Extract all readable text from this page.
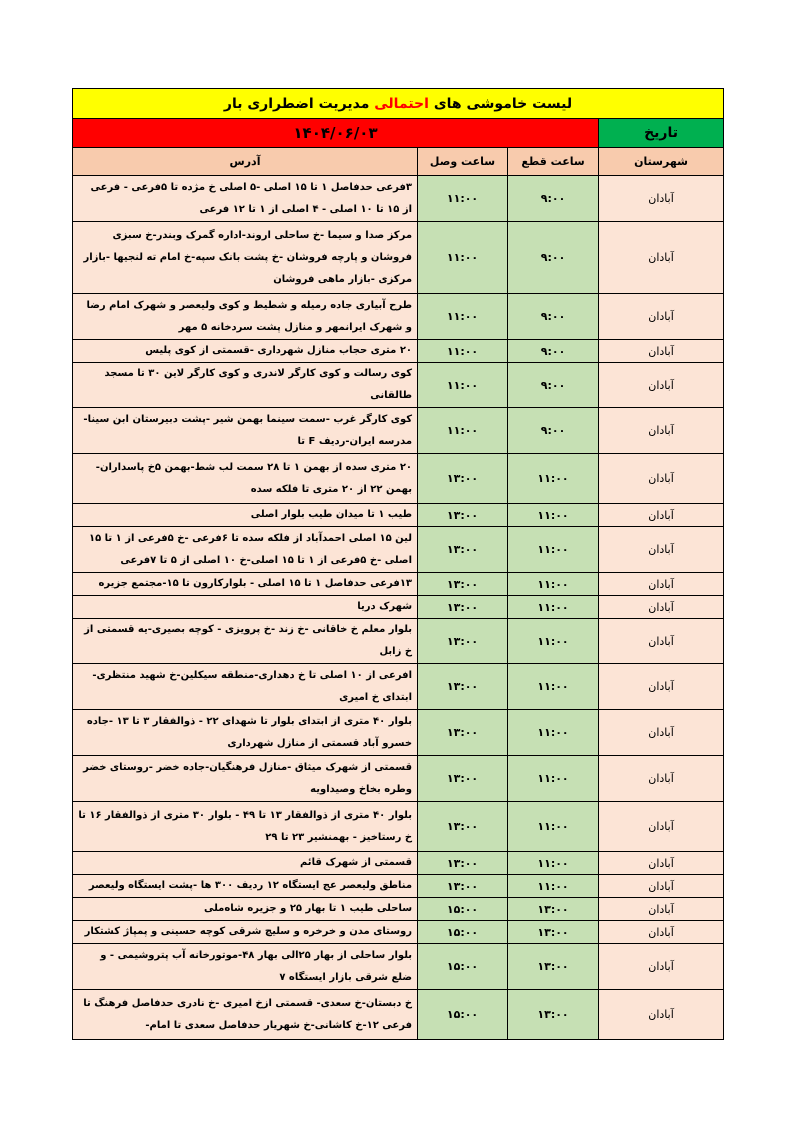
لیست خاموشی های احتمالی مدیریت اضطراری بار			
تاریخ	۱۴۰۴/۰۶/۰۳		
شهرستان	ساعت قطع	ساعت وصل	آدرس
آبادان	۹:۰۰	۱۱:۰۰	۳فرعی حدفاصل ۱ تا ۱۵ اصلی -۵ اصلی خ مژده تا ۵فرعی - فرعی از ۱۵ تا ۱۰ اصلی - ۴ اصلی از ۱ تا ۱۲ فرعی
آبادان	۹:۰۰	۱۱:۰۰	مرکز صدا و سیما -خ ساحلی اروند-اداره گمرک وبندر-خ سبزی فروشان و پارچه فروشان -خ پشت بانک سپه-خ امام ته لنجیها -بازار مرکزی -بازار ماهی فروشان
آبادان	۹:۰۰	۱۱:۰۰	طرح آبیاری جاده رمیله و شطیط و کوی ولیعصر و شهرک امام رضا و شهرک ایرانمهر و منازل پشت سردخانه ۵ مهر
آبادان	۹:۰۰	۱۱:۰۰	۲۰ متری حجاب منازل شهرداری -قسمتی از کوی پلیس
آبادان	۹:۰۰	۱۱:۰۰	کوی رسالت و کوی کارگر لاندری و کوی کارگر لاین ۳۰ تا مسجد طالقانی
آبادان	۹:۰۰	۱۱:۰۰	کوی کارگر غرب -سمت سینما بهمن شیر -پشت دبیرستان ابن سینا-مدرسه ایران-ردیف F تا
آبادان	۱۱:۰۰	۱۳:۰۰	۲۰ متری سده از بهمن ۱ تا ۲۸ سمت لب شط-بهمن ۵خ پاسداران-بهمن ۲۲ از ۲۰ متری تا فلکه سده
آبادان	۱۱:۰۰	۱۳:۰۰	طیب ۱ تا میدان طیب بلوار اصلی
آبادان	۱۱:۰۰	۱۳:۰۰	لین ۱۵ اصلی احمدآباد از فلکه سده تا ۶فرعی -خ ۵فرعی از ۱ تا ۱۵ اصلی -خ ۵فرعی از ۱ تا ۱۵ اصلی-خ ۱۰ اصلی از ۵ تا ۷فرعی
آبادان	۱۱:۰۰	۱۳:۰۰	۱۳فرعی حدفاصل ۱ تا ۱۵ اصلی - بلوارکارون تا ۱۵-مجتمع جزیره
آبادان	۱۱:۰۰	۱۳:۰۰	شهرک دریا
آبادان	۱۱:۰۰	۱۳:۰۰	بلوار معلم خ خاقانی -خ زند -خ پرویزی - کوچه بصیری-یه قسمتی از خ زابل
آبادان	۱۱:۰۰	۱۳:۰۰	افرعی از ۱۰ اصلی تا خ دهداری-منطقه سیکلین-خ شهید منتظری-ابتدای خ امیری
آبادان	۱۱:۰۰	۱۳:۰۰	بلوار ۴۰ متری از ابتدای بلوار تا شهدای ۲۲ - ذوالفقار ۳ تا ۱۳ -جاده خسرو آباد قسمتی از منازل شهرداری
آبادان	۱۱:۰۰	۱۳:۰۰	قسمتی از شهرک میثاق -منازل فرهنگیان-جاده خضر -روستای خضر وطره بخاخ وصیداویه
آبادان	۱۱:۰۰	۱۳:۰۰	بلوار ۴۰ متری از ذوالفقار ۱۳ تا ۴۹ - بلوار ۳۰ متری از ذوالفقار ۱۶ تا خ رستاخیز - بهمنشیر ۲۳ تا ۲۹
آبادان	۱۱:۰۰	۱۳:۰۰	قسمتی از شهرک قائم
آبادان	۱۱:۰۰	۱۳:۰۰	مناطق ولیعصر عج ایستگاه ۱۲ ردیف ۳۰۰ ها -پشت ایستگاه ولیعصر
آبادان	۱۳:۰۰	۱۵:۰۰	ساحلی طیب ۱ تا بهار ۲۵ و جزیره شاه‌ملی
آبادان	۱۳:۰۰	۱۵:۰۰	روستای مدن و خرخره و سلیچ شرقی کوچه حسینی و پمپاژ کشتکار
آبادان	۱۳:۰۰	۱۵:۰۰	بلوار ساحلی از بهار ۲۵الی بهار ۴۸-موتورخانه آب پتروشیمی - و ضلع شرقی بازار ایستگاه ۷
آبادان	۱۳:۰۰	۱۵:۰۰	خ دبستان-خ سعدی- قسمتی ازخ امیری -خ نادری حدفاصل فرهنگ تا فرعی ۱۲-خ کاشانی-خ شهریار حدفاصل سعدی تا امام-
